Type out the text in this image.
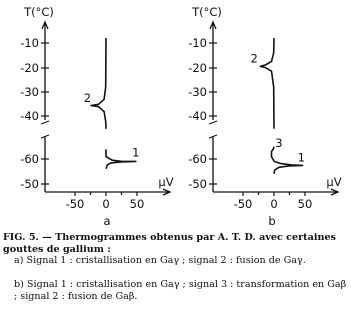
T(°C)
-10
-20
-30
-40
-60
-50	μV
-50 0 50
a
2
1
T(°C)
-10
-20
-30
-40
-60
-50	μV
-50 0 50
b
2
3
1

FIG. 5. — Thermogrammes obtenus par A. T. D. avec certaines gouttes de gallium :

a) Signal 1 : cristallisation en Gaγ ; signal 2 : fusion de Gaγ.

b) Signal 1 : cristallisation en Gaγ ; signal 3 : transformation en Gaβ ; signal 2 : fusion de Gaβ.
